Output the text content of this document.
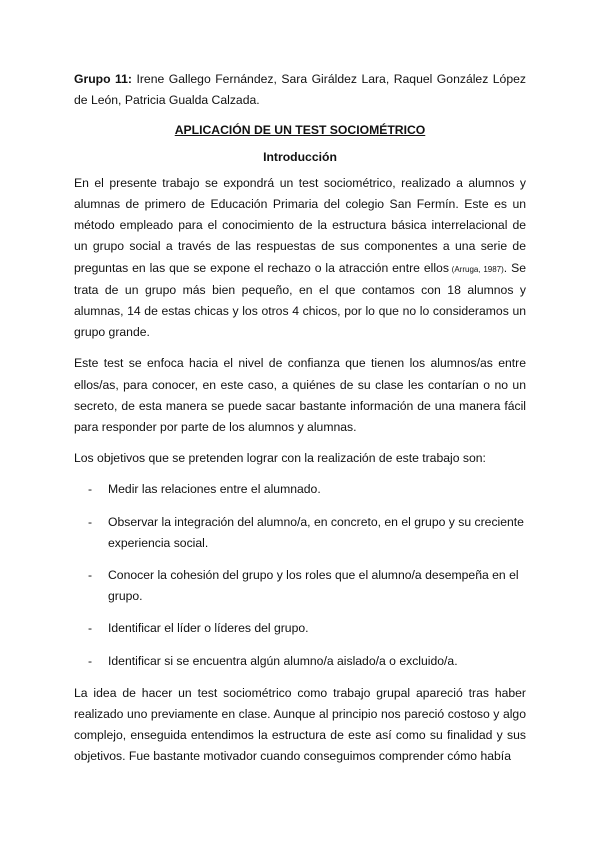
Grupo 11: Irene Gallego Fernández, Sara Giráldez Lara, Raquel González López de León, Patricia Gualda Calzada.

APLICACIÓN DE UN TEST SOCIOMÉTRICO

Introducción

En el presente trabajo se expondrá un test sociométrico, realizado a alumnos y alumnas de primero de Educación Primaria del colegio San Fermín. Este es un método empleado para el conocimiento de la estructura básica interrelacional de un grupo social a través de las respuestas de sus componentes a una serie de preguntas en las que se expone el rechazo o la atracción entre ellos (Arruga, 1987). Se trata de un grupo más bien pequeño, en el que contamos con 18 alumnos y alumnas, 14 de estas chicas y los otros 4 chicos, por lo que no lo consideramos un grupo grande.

Este test se enfoca hacia el nivel de confianza que tienen los alumnos/as entre ellos/as, para conocer, en este caso, a quiénes de su clase les contarían o no un secreto, de esta manera se puede sacar bastante información de una manera fácil para responder por parte de los alumnos y alumnas.

Los objetivos que se pretenden lograr con la realización de este trabajo son:

- Medir las relaciones entre el alumnado.
- Observar la integración del alumno/a, en concreto, en el grupo y su creciente experiencia social.
- Conocer la cohesión del grupo y los roles que el alumno/a desempeña en el grupo.
- Identificar el líder o líderes del grupo.
- Identificar si se encuentra algún alumno/a aislado/a o excluido/a.

La idea de hacer un test sociométrico como trabajo grupal apareció tras haber realizado uno previamente en clase. Aunque al principio nos pareció costoso y algo complejo, enseguida entendimos la estructura de este así como su finalidad y sus objetivos. Fue bastante motivador cuando conseguimos comprender cómo había
